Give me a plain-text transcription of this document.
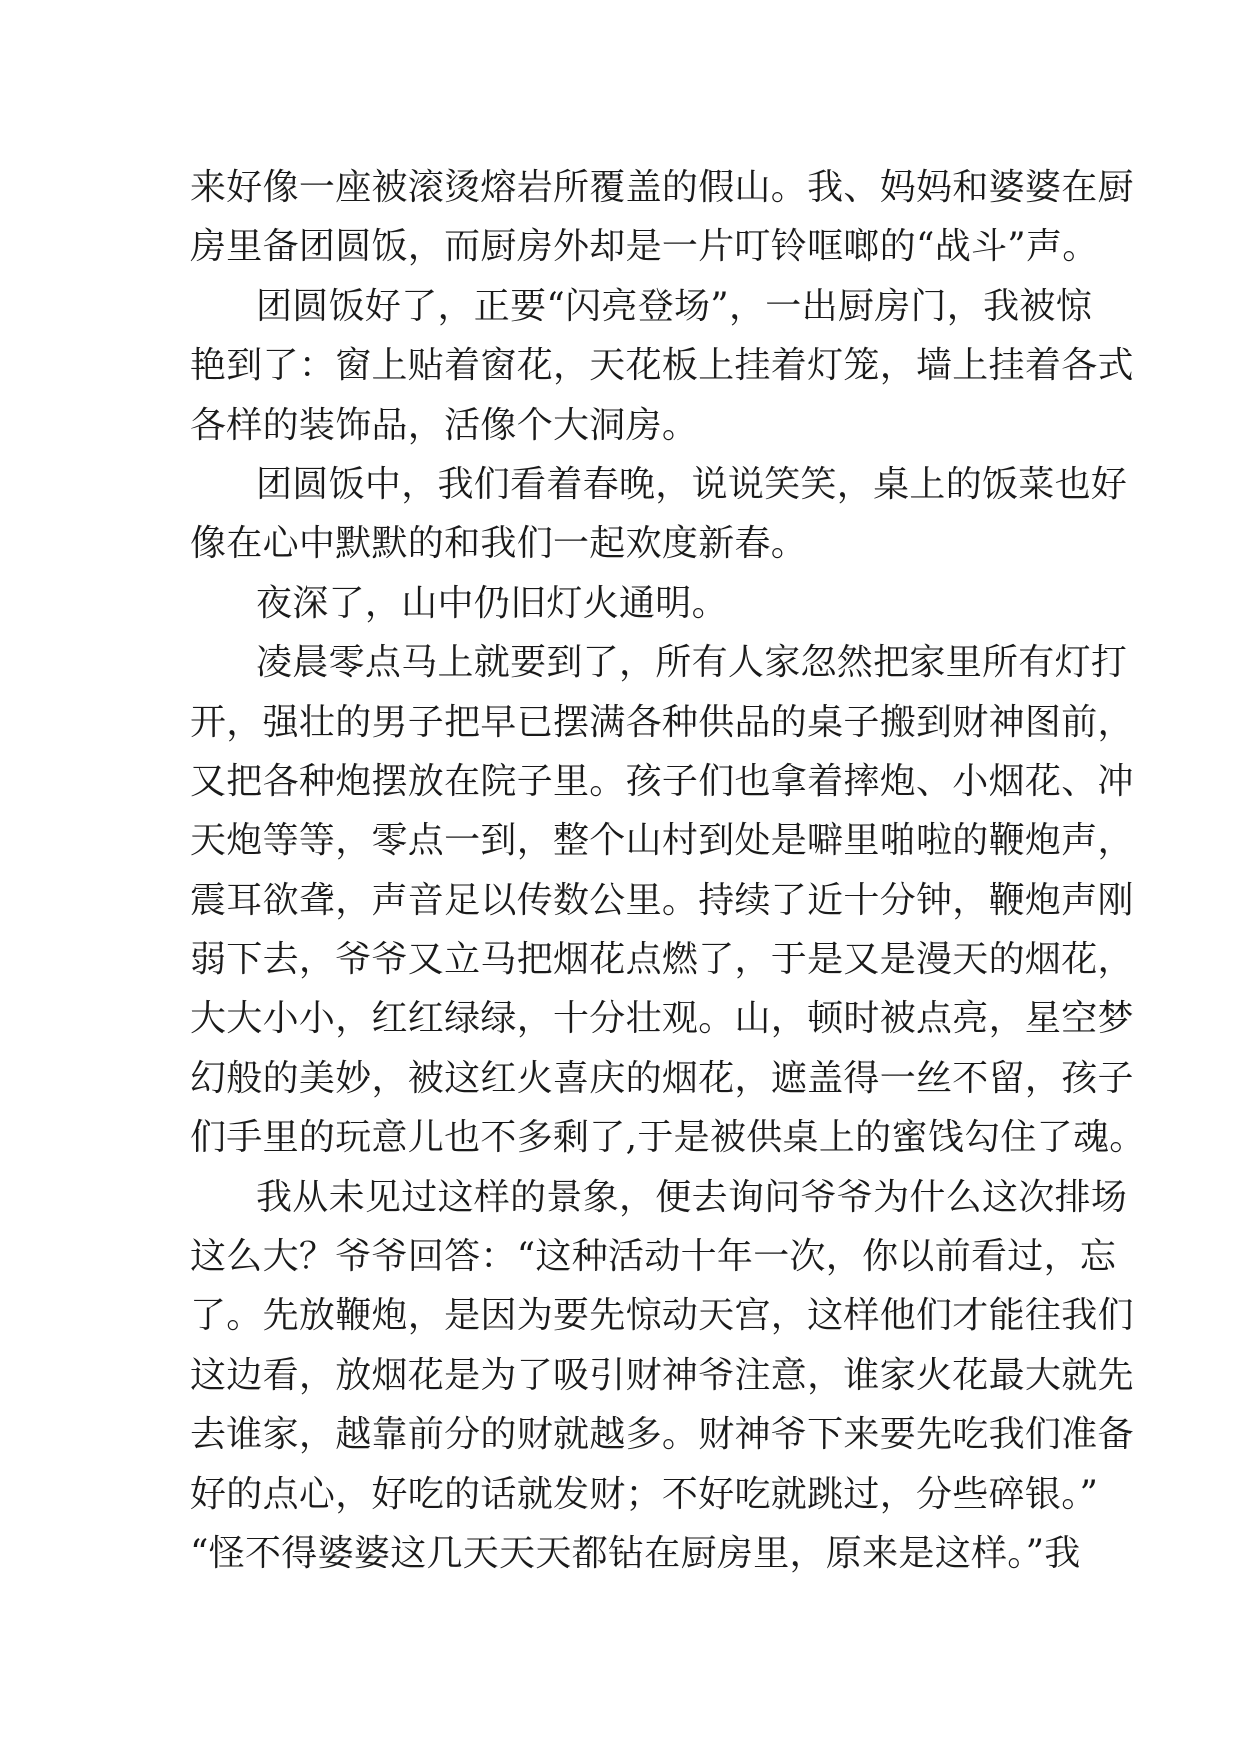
来好像一座被滚烫熔岩所覆盖的假山。我、妈妈和婆婆在厨
房里备团圆饭，而厨房外却是一片叮铃哐啷的“战斗”声。
团圆饭好了，正要“闪亮登场”，一出厨房门，我被惊
艳到了：窗上贴着窗花，天花板上挂着灯笼，墙上挂着各式
各样的装饰品，活像个大洞房。
团圆饭中，我们看着春晚，说说笑笑，桌上的饭菜也好
像在心中默默的和我们一起欢度新春。
夜深了，山中仍旧灯火通明。
凌晨零点马上就要到了，所有人家忽然把家里所有灯打
开，强壮的男子把早已摆满各种供品的桌子搬到财神图前，
又把各种炮摆放在院子里。孩子们也拿着摔炮、小烟花、冲
天炮等等，零点一到，整个山村到处是噼里啪啦的鞭炮声，
震耳欲聋，声音足以传数公里。持续了近十分钟，鞭炮声刚
弱下去，爷爷又立马把烟花点燃了，于是又是漫天的烟花，
大大小小，红红绿绿，十分壮观。山，顿时被点亮，星空梦
幻般的美妙，被这红火喜庆的烟花，遮盖得一丝不留，孩子
们手里的玩意儿也不多剩了,于是被供桌上的蜜饯勾住了魂。
我从未见过这样的景象，便去询问爷爷为什么这次排场
这么大？爷爷回答：“这种活动十年一次，你以前看过，忘
了。先放鞭炮，是因为要先惊动天宫，这样他们才能往我们
这边看，放烟花是为了吸引财神爷注意，谁家火花最大就先
去谁家，越靠前分的财就越多。财神爷下来要先吃我们准备
好的点心，好吃的话就发财；不好吃就跳过，分些碎银。”
“怪不得婆婆这几天天天都钻在厨房里，原来是这样。”我
